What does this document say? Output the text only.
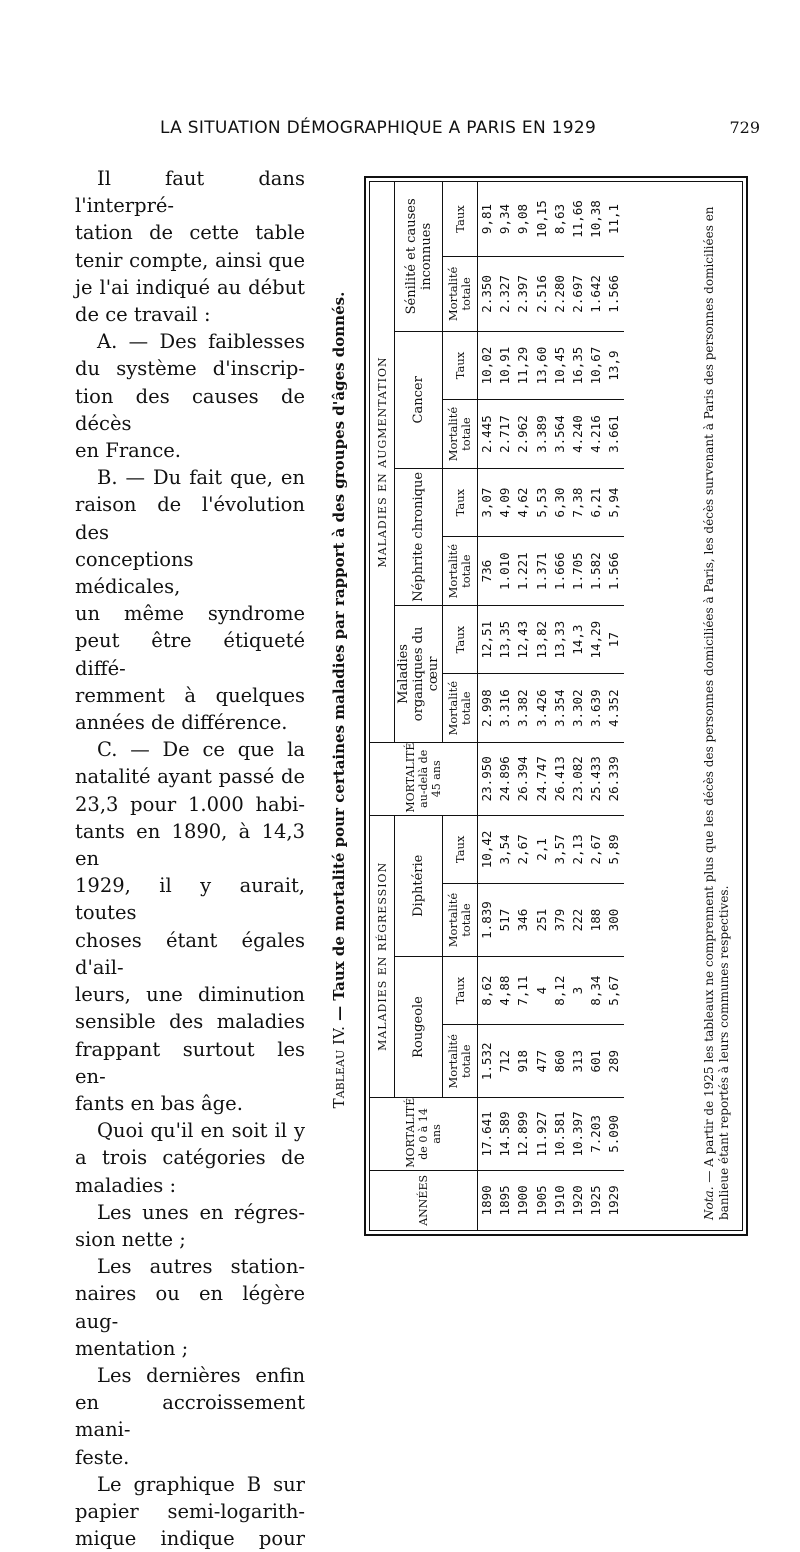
LA SITUATION DÉMOGRAPHIQUE A PARIS EN 1929	729

Il faut dans l'interpré-

tation de cette table

tenir compte, ainsi que

je l'ai indiqué au début

de ce travail :

A. — Des faiblesses

du système d'inscrip-

tion des causes de décès

en France.

B. — Du fait que, en

raison de l'évolution des

conceptions médicales,

un même syndrome

peut être étiqueté diffé-

remment à quelques

années de différence.

C. — De ce que la

natalité ayant passé de

23,3 pour 1.000 habi-

tants en 1890, à 14,3 en

1929, il y aurait, toutes

choses étant égales d'ail-

leurs, une diminution

sensible des maladies

frappant surtout les en-

fants en bas âge.

Quoi qu'il en soit il y

a trois catégories de

maladies :

Les unes en régres-

sion nette ;

Les autres station-

naires ou en légère aug-

mentation ;

Les dernières enfin

en accroissement mani-

feste.

Le graphique B sur

papier semi-logarith-

mique indique pour

Tableau IV. — Taux de mortalité pour certaines maladies par rapport à des groupes d'âges donnés.
ANNÉES	MORTALITÉ de 0 à 14 ans	MALADIES EN RÉGRESSION				MORTALITÉ au-delà de 45 ans	MALADIES EN AUGMENTATION							
		Rougeole		Diphtérie			Maladies organiques du cœur		Néphrite chronique		Cancer		Sénilité et causes inconnues	
		Mortalité totale	Taux	Mortalité totale	Taux		Mortalité totale	Taux	Mortalité totale	Taux	Mortalité totale	Taux	Mortalité totale	Taux
1890	17.641	1.532	8,62	1.839	10,42	23.950	2.998	12,51	736	3,07	2.445	10,02	2.350	9,81
1895	14.589	712	4,88	517	3,54	24.896	3.316	13,35	1.010	4,09	2.717	10,91	2.327	9,34
1900	12.899	918	7,11	346	2,67	26.394	3.382	12,43	1.221	4,62	2.962	11,29	2.397	9,08
1905	11.927	477	4	251	2,1	24.747	3.426	13,82	1.371	5,53	3.389	13,60	2.516	10,15
1910	10.581	860	8,12	379	3,57	26.413	3.354	13,33	1.666	6,30	3.564	10,45	2.280	8,63
1920	10.397	313	3	222	2,13	23.082	3.302	14,3	1.705	7,38	4.240	16,35	2.697	11,66
1925	7.203	601	8,34	188	2,67	25.433	3.639	14,29	1.582	6,21	4.216	10,67	1.642	10,38
1929	5.090	289	5,67	300	5,89	26.339	4.352	17	1.566	5,94	3.661	13,9	1.566	11,1
Nota. — A partir de 1925 les tableaux ne comprennent plus que les décès des personnes domiciliées à Paris, les décès survenant à Paris des personnes domiciliées en banlieue étant reportés à leurs communes respectives.
